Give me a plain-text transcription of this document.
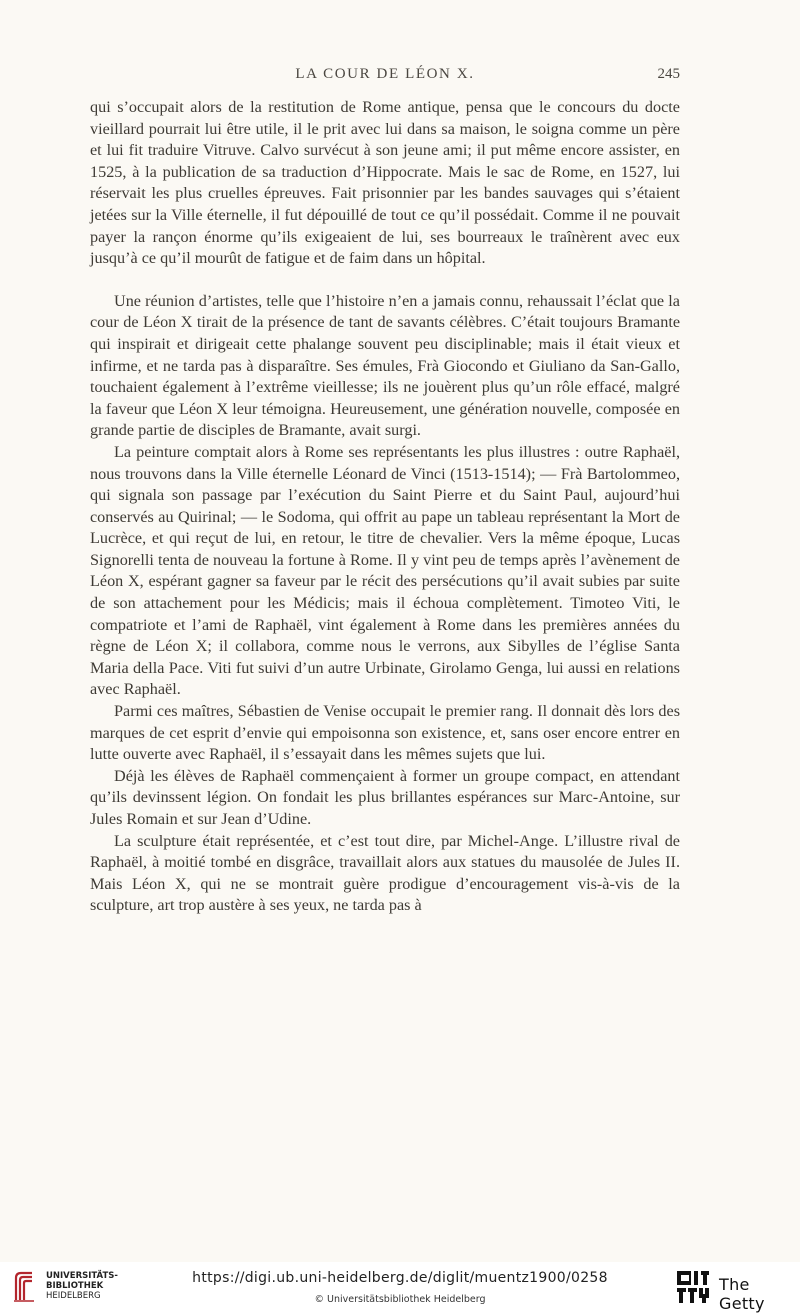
LA COUR DE LÉON X.	245

qui s’occupait alors de la restitution de Rome antique, pensa que le concours du docte vieillard pourrait lui être utile, il le prit avec lui dans sa maison, le soigna comme un père et lui fit traduire Vitruve. Calvo survécut à son jeune ami; il put même encore assister, en 1525, à la publication de sa traduction d’Hippocrate. Mais le sac de Rome, en 1527, lui réservait les plus cruelles épreuves. Fait prisonnier par les bandes sauvages qui s’étaient jetées sur la Ville éternelle, il fut dépouillé de tout ce qu’il possédait. Comme il ne pouvait payer la rançon énorme qu’ils exigeaient de lui, ses bourreaux le traînèrent avec eux jusqu’à ce qu’il mourût de fatigue et de faim dans un hôpital.

Une réunion d’artistes, telle que l’histoire n’en a jamais connu, rehaussait l’éclat que la cour de Léon X tirait de la présence de tant de savants célèbres. C’était toujours Bramante qui inspirait et dirigeait cette phalange souvent peu disciplinable; mais il était vieux et infirme, et ne tarda pas à disparaître. Ses émules, Frà Giocondo et Giuliano da San-Gallo, touchaient également à l’extrême vieillesse; ils ne jouèrent plus qu’un rôle effacé, malgré la faveur que Léon X leur témoigna. Heureusement, une génération nouvelle, composée en grande partie de disciples de Bramante, avait surgi.

La peinture comptait alors à Rome ses représentants les plus illustres : outre Raphaël, nous trouvons dans la Ville éternelle Léonard de Vinci (1513-1514); — Frà Bartolommeo, qui signala son passage par l’exécution du Saint Pierre et du Saint Paul, aujourd’hui conservés au Quirinal; — le Sodoma, qui offrit au pape un tableau représentant la Mort de Lucrèce, et qui reçut de lui, en retour, le titre de chevalier. Vers la même époque, Lucas Signorelli tenta de nouveau la fortune à Rome. Il y vint peu de temps après l’avènement de Léon X, espérant gagner sa faveur par le récit des persécutions qu’il avait subies par suite de son attachement pour les Médicis; mais il échoua complètement. Timoteo Viti, le compatriote et l’ami de Raphaël, vint également à Rome dans les premières années du règne de Léon X; il collabora, comme nous le verrons, aux Sibylles de l’église Santa Maria della Pace. Viti fut suivi d’un autre Urbinate, Girolamo Genga, lui aussi en relations avec Raphaël.

Parmi ces maîtres, Sébastien de Venise occupait le premier rang. Il donnait dès lors des marques de cet esprit d’envie qui empoisonna son existence, et, sans oser encore entrer en lutte ouverte avec Raphaël, il s’essayait dans les mêmes sujets que lui.

Déjà les élèves de Raphaël commençaient à former un groupe compact, en attendant qu’ils devinssent légion. On fondait les plus brillantes espérances sur Marc-Antoine, sur Jules Romain et sur Jean d’Udine.

La sculpture était représentée, et c’est tout dire, par Michel-Ange. L’illustre rival de Raphaël, à moitié tombé en disgrâce, travaillait alors aux statues du mausolée de Jules II. Mais Léon X, qui ne se montrait guère prodigue d’encouragement vis-à-vis de la sculpture, art trop austère à ses yeux, ne tarda pas à

UNIVERSITÄTS-
BIBLIOTHEK
HEIDELBERG
https://digi.ub.uni-heidelberg.de/diglit/muentz1900/0258
© Universitätsbibliothek Heidelberg
The Getty
